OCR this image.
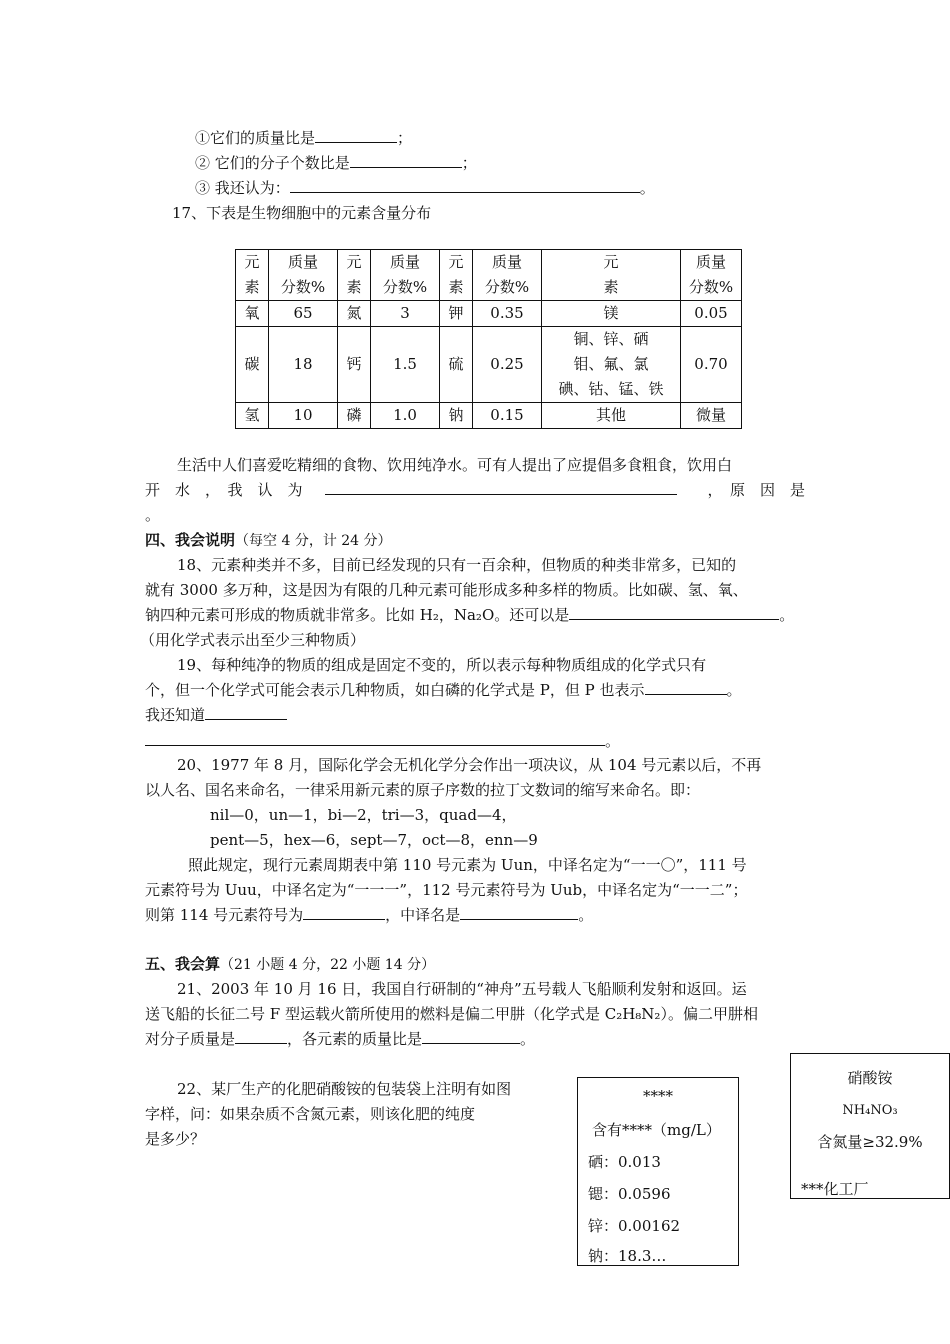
①它们的质量比是	；
② 它们的分子个数比是	；
③ 我还认为：	。
17、下表是生物细胞中的元素含量分布
元
素	质量
分数%	元
素	质量
分数%	元
素	质量
分数%	元
素	质量
分数%
氧	65	氮	3	钾	0.35	镁	0.05
碳	18	钙	1.5	硫	0.25	铜、锌、硒
钼、氟、氯
碘、钴、锰、铁	0.70
氢	10	磷	1.0	钠	0.15	其他	微量
生活中人们喜爱吃精细的食物、饮用纯净水。可有人提出了应提倡多食粗食，饮用白
开　水　，　我　认　为	，　原　因　是
。
四、我会说明（每空 4 分，计 24 分）
18、元素种类并不多，目前已经发现的只有一百余种，但物质的种类非常多，已知的
就有 3000 多万种，这是因为有限的几种元素可能形成多种多样的物质。比如碳、氢、氧、
钠四种元素可形成的物质就非常多。比如 H₂，Na₂O。还可以是	。
（用化学式表示出至少三种物质）
19、每种纯净的物质的组成是固定不变的，所以表示每种物质组成的化学式只有
个，但一个化学式可能会表示几种物质，如白磷的化学式是 P，但 P 也表示	。
我还知道
。
20、1977 年 8 月，国际化学会无机化学分会作出一项决议，从 104 号元素以后，不再
以人名、国名来命名，一律采用新元素的原子序数的拉丁文数词的缩写来命名。即：
nil—0，un—1，bi—2，tri—3，quad—4，
pent—5，hex—6，sept—7，oct—8，enn—9
照此规定，现行元素周期表中第 110 号元素为 Uun，中译名定为“一一〇”，111 号
元素符号为 Uuu，中译名定为“一一一”，112 号元素符号为 Uub，中译名定为“一一二”；
则第 114 号元素符号为	，中译名是	。
五、我会算（21 小题 4 分，22 小题 14 分）
21、2003 年 10 月 16 日，我国自行研制的“神舟”五号载人飞船顺利发射和返回。运
送飞船的长征二号 F 型运载火箭所使用的燃料是偏二甲肼（化学式是 C₂H₈N₂）。偏二甲肼相
对分子质量是	，各元素的质量比是	。
22、某厂生产的化肥硝酸铵的包装袋上注明有如图
字样，问：如果杂质不含氮元素，则该化肥的纯度
是多少？
****
含有****（mg/L）
硒：0.013
锶：0.0596
锌：0.00162
钠：18.3…
硝酸铵
NH₄NO₃
含氮量≥32.9%
***化工厂
